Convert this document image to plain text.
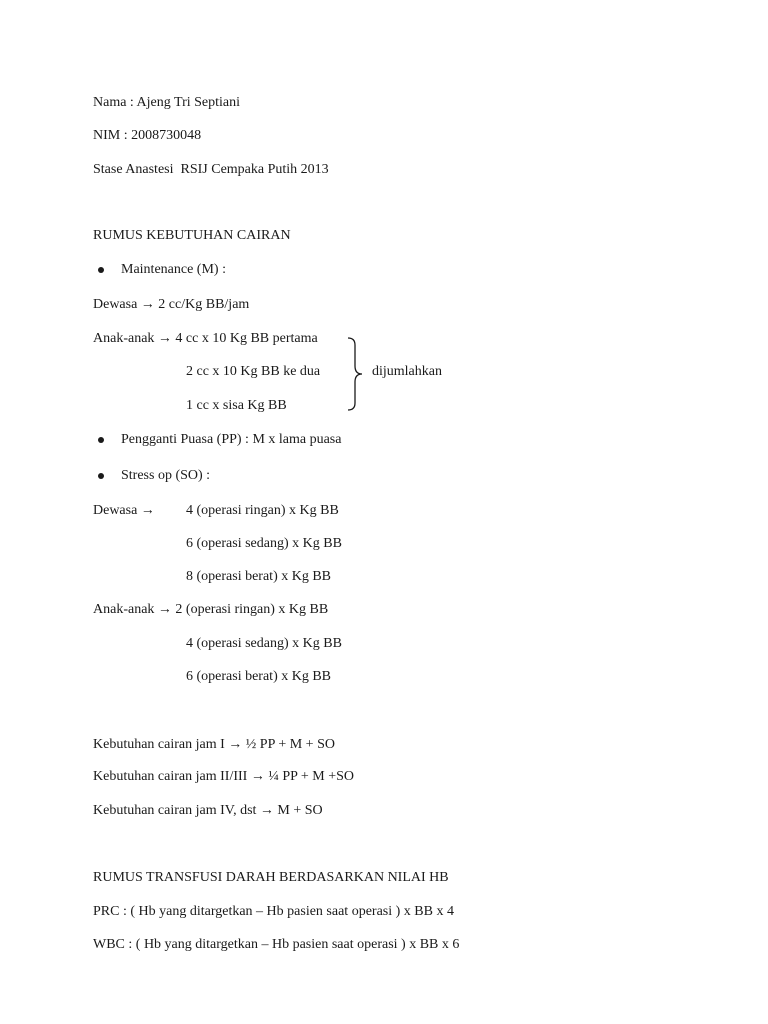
Nama : Ajeng Tri Septiani
NIM : 2008730048
Stase Anastesi  RSIJ Cempaka Putih 2013
RUMUS KEBUTUHAN CAIRAN
Maintenance (M) :
Dewasa → 2 cc/Kg BB/jam
Anak-anak → 4 cc x 10 Kg BB pertama
2 cc x 10 Kg BB ke dua
1 cc x sisa Kg BB
dijumlahkan
Pengganti Puasa (PP) : M x lama puasa
Stress op (SO) :
Dewasa → 4 (operasi ringan) x Kg BB
6 (operasi sedang) x Kg BB
8 (operasi berat) x Kg BB
Anak-anak → 2 (operasi ringan) x Kg BB
4 (operasi sedang) x Kg BB
6 (operasi berat) x Kg BB
Kebutuhan cairan jam I → ½ PP + M + SO
Kebutuhan cairan jam II/III → ¼ PP + M +SO
Kebutuhan cairan jam IV, dst → M + SO
RUMUS TRANSFUSI DARAH BERDASARKAN NILAI HB
PRC : ( Hb yang ditargetkan – Hb pasien saat operasi ) x BB x 4
WBC : ( Hb yang ditargetkan – Hb pasien saat operasi ) x BB x 6
